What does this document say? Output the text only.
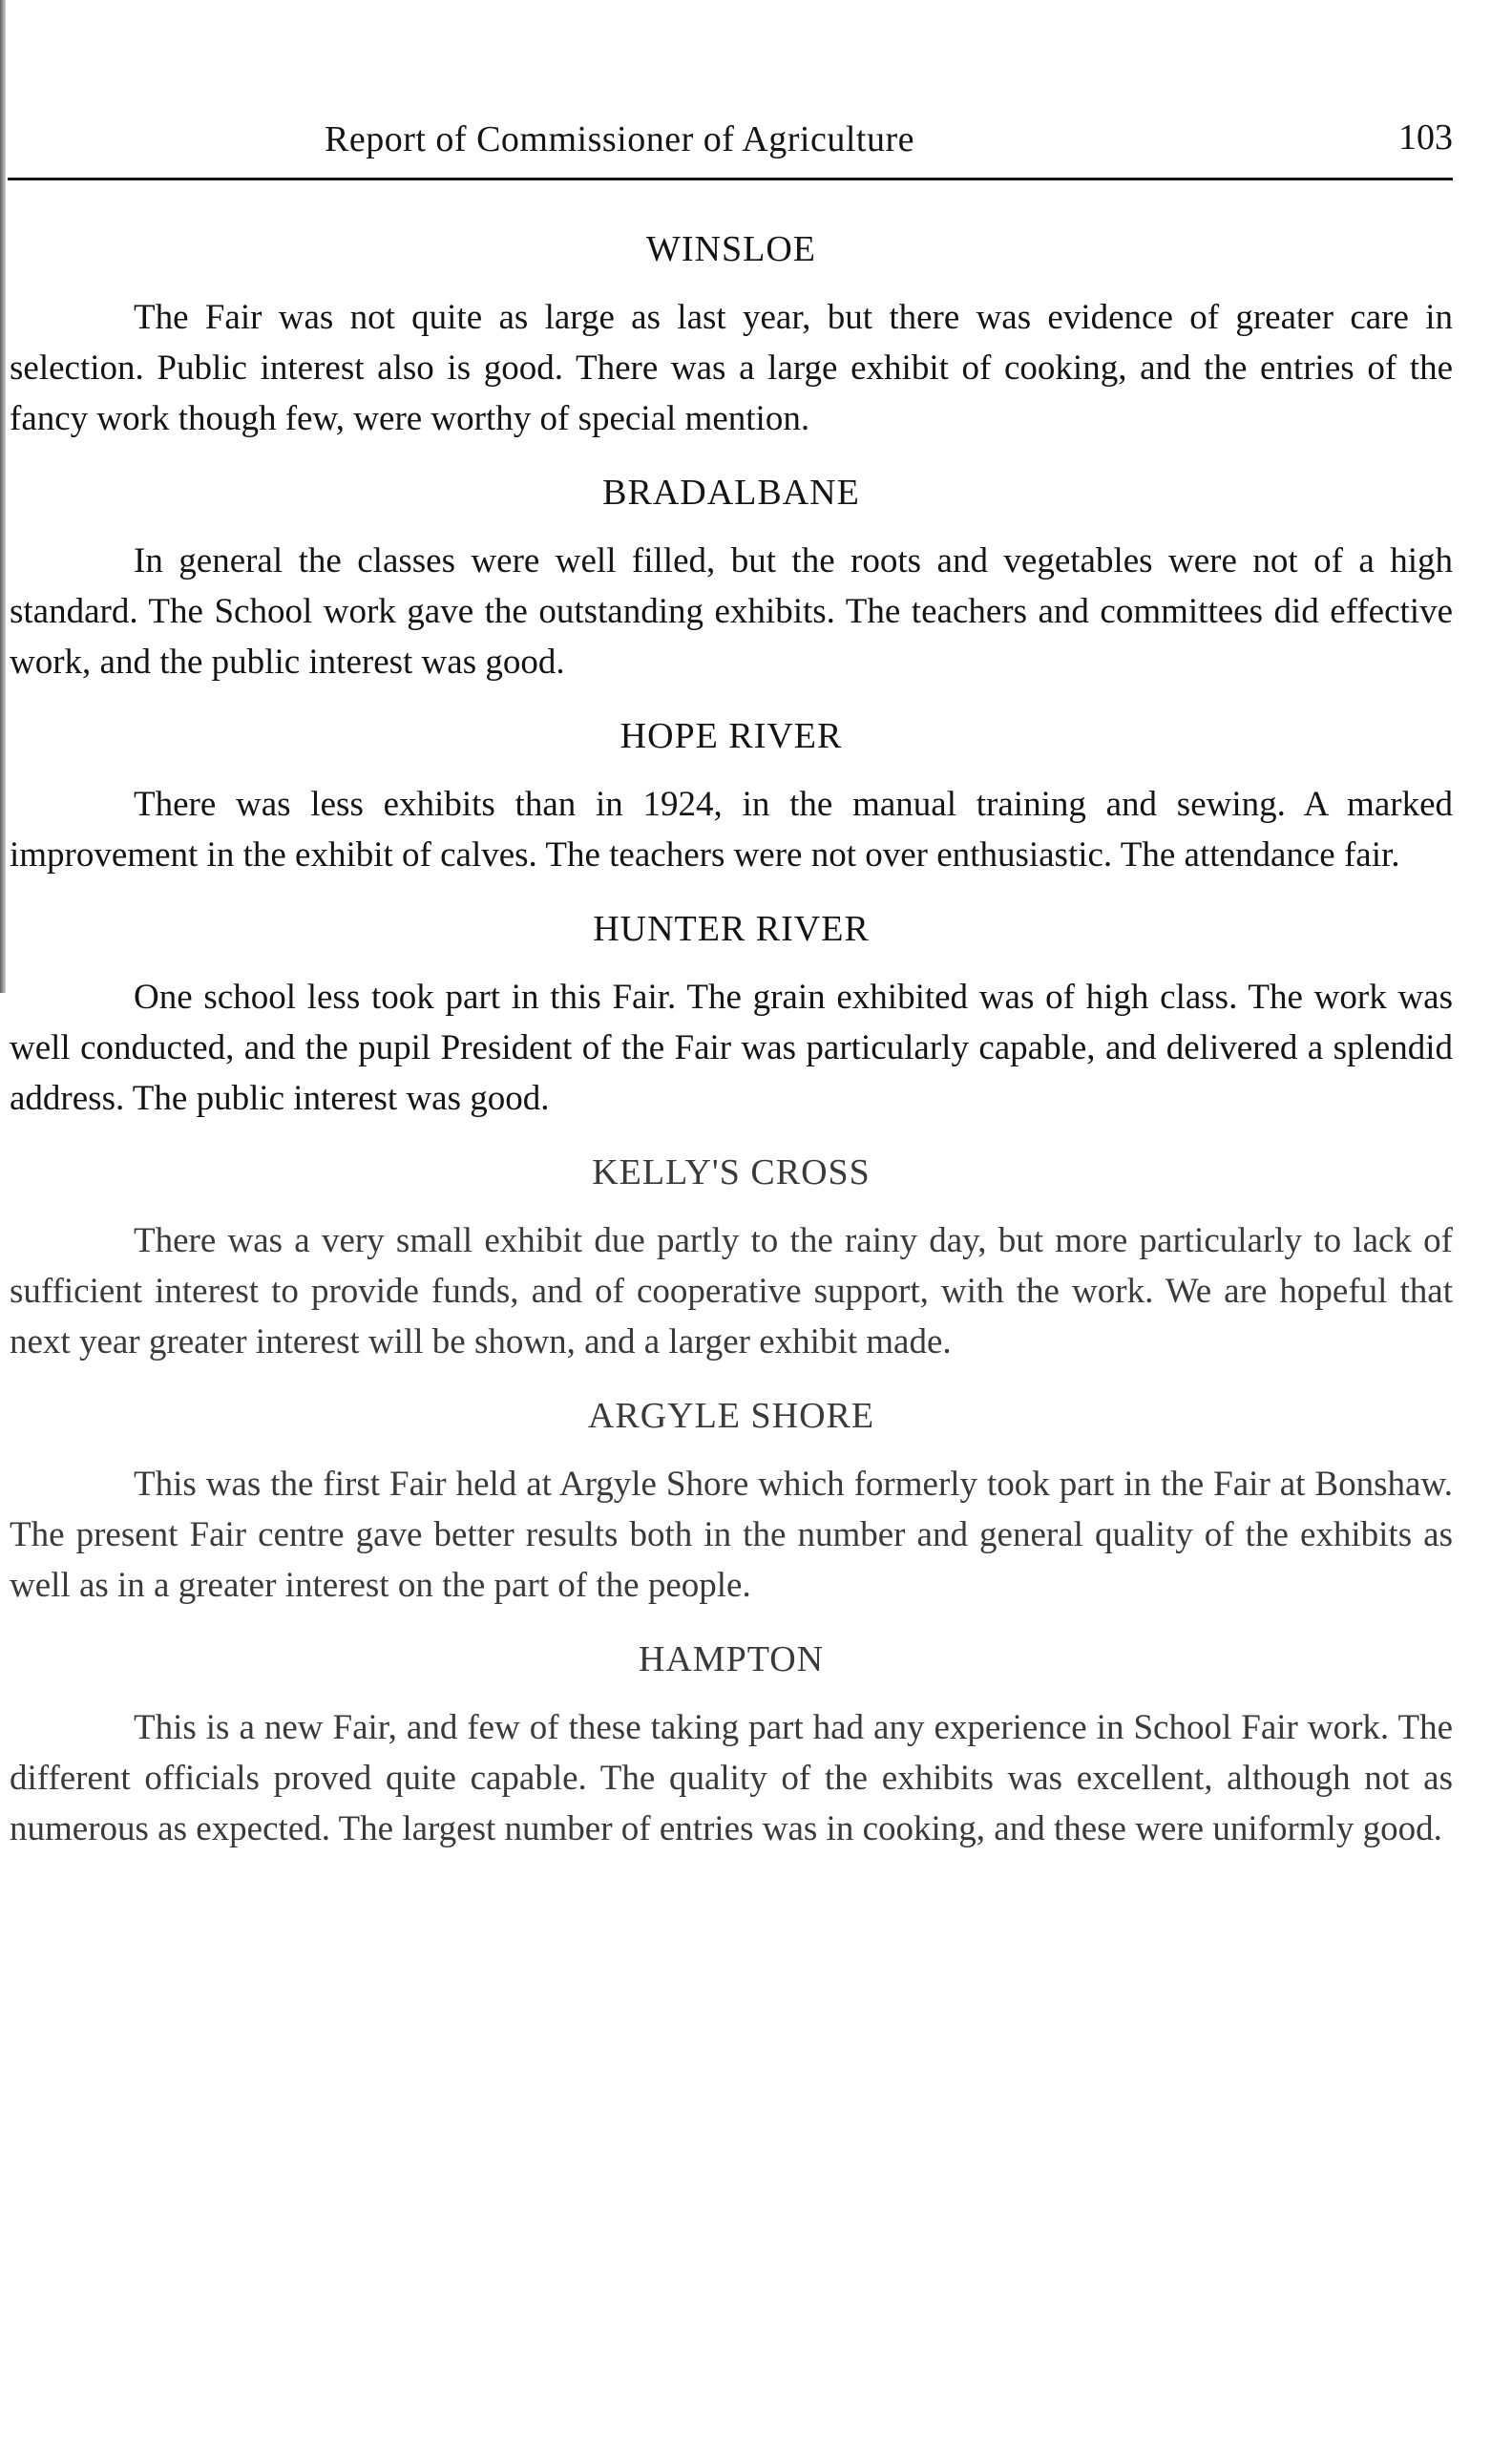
Report of Commissioner of Agriculture	103
WINSLOE

The Fair was not quite as large as last year, but there was evidence of greater care in selection. Public interest also is good. There was a large exhibit of cooking, and the entries of the fancy work though few, were worthy of special mention.

BRADALBANE

In general the classes were well filled, but the roots and vegetables were not of a high standard. The School work gave the outstanding exhibits. The teachers and committees did effective work, and the public interest was good.

HOPE RIVER

There was less exhibits than in 1924, in the manual training and sewing. A marked improvement in the exhibit of calves. The teachers were not over enthusiastic. The attendance fair.

HUNTER RIVER

One school less took part in this Fair. The grain exhibited was of high class. The work was well conducted, and the pupil President of the Fair was particularly capable, and delivered a splendid address. The public interest was good.

KELLY'S CROSS

There was a very small exhibit due partly to the rainy day, but more particularly to lack of sufficient interest to provide funds, and of cooperative support, with the work. We are hopeful that next year greater interest will be shown, and a larger exhibit made.

ARGYLE SHORE

This was the first Fair held at Argyle Shore which formerly took part in the Fair at Bonshaw. The present Fair centre gave better results both in the number and general quality of the exhibits as well as in a greater interest on the part of the people.

HAMPTON

This is a new Fair, and few of these taking part had any experience in School Fair work. The different officials proved quite capable. The quality of the exhibits was excellent, although not as numerous as expected. The largest number of entries was in cooking, and these were uniformly good.
